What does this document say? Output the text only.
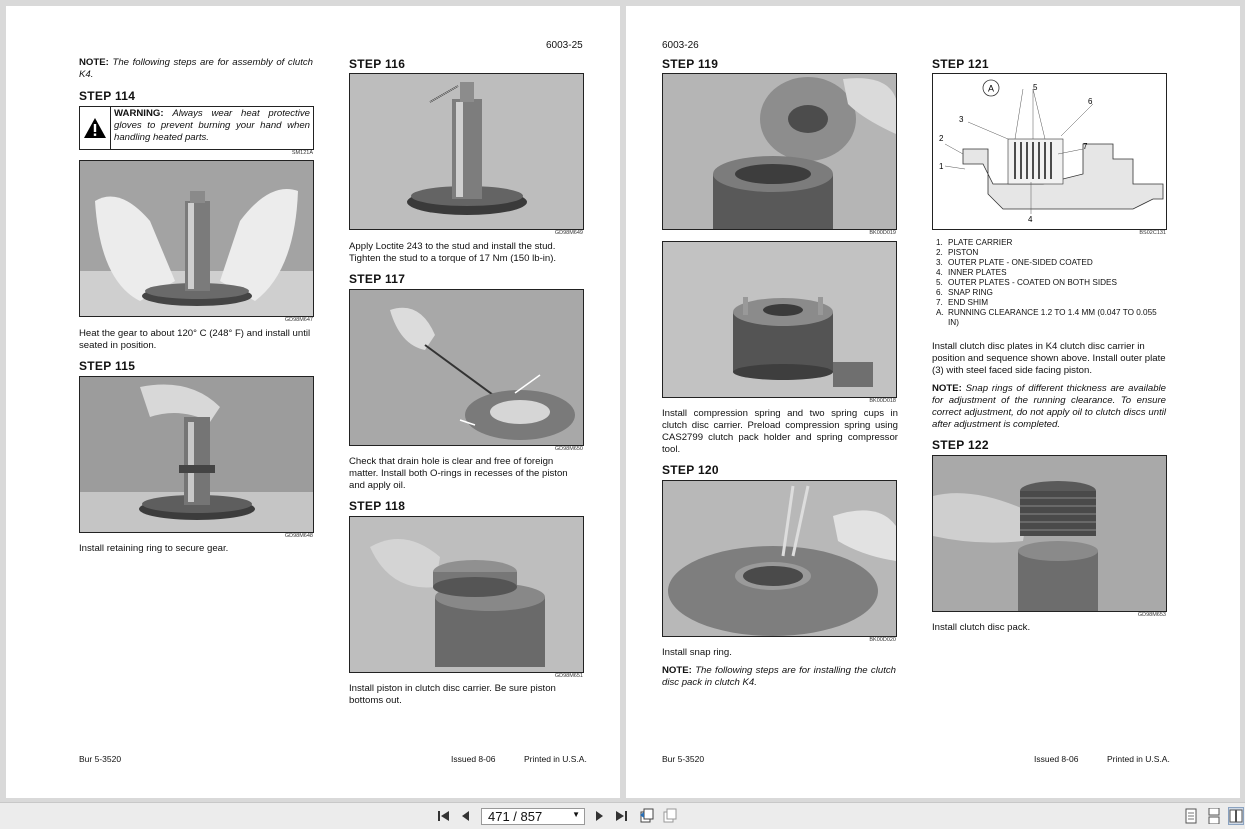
6003-25
NOTE: The following steps are for assembly of clutch K4.
STEP 114
WARNING: Always wear heat protective gloves to prevent burning your hand when handling heated parts.
SM121A
GD98M647
Heat the gear to about 120° C (248° F) and install until seated in position.
STEP 115
GD98M648
Install retaining ring to secure gear.
STEP 116
GD98M649
Apply Loctite 243 to the stud and install the stud. Tighten the stud to a torque of 17 Nm (150 lb-in).
STEP 117
GD98M650
Check that drain hole is clear and free of foreign matter. Install both O-rings in recesses of the piston and apply oil.
STEP 118
GD98M651
Install piston in clutch disc carrier. Be sure piston bottoms out.
Bur 5-3520	Issued 8-06	Printed in U.S.A.
6003-26
STEP 119
BK00D019
BK00D018
Install compression spring and two spring cups in clutch disc carrier. Preload compression spring using CAS2799 clutch pack holder and spring compressor tool.
STEP 120
BK00D020
Install snap ring.
NOTE: The following steps are for installing the clutch disc pack in clutch K4.
STEP 121
A
1
2
3
4
5
6
7
BS02C131
1. PLATE CARRIER
2. PISTON
3. OUTER PLATE - ONE-SIDED COATED
4. INNER PLATES
5. OUTER PLATES - COATED ON BOTH SIDES
6. SNAP RING
7. END SHIM
A. RUNNING CLEARANCE 1.2 TO 1.4 MM (0.047 TO 0.055 IN)
Install clutch disc plates in K4 clutch disc carrier in position and sequence shown above. Install outer plate (3) with steel faced side facing piston.
NOTE: Snap rings of different thickness are available for adjustment of the running clearance. To ensure correct adjustment, do not apply oil to clutch discs until after adjustment is completed.
STEP 122
GD98M653
Install clutch disc pack.
Bur 5-3520	Issued 8-06	Printed in U.S.A.
471 / 857	▼
